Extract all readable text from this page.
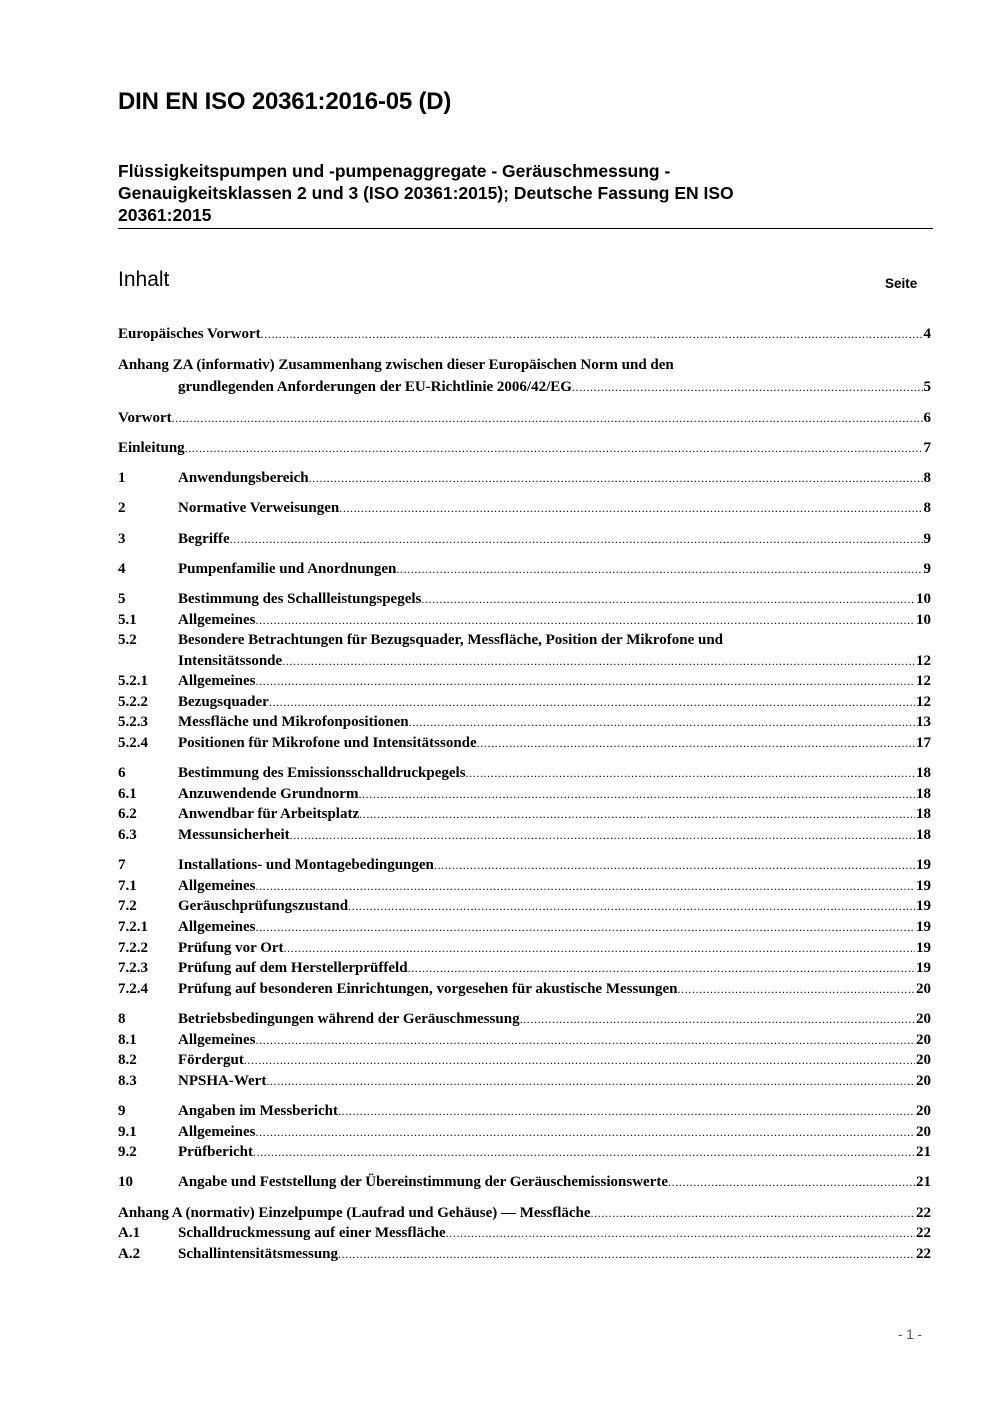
DIN EN ISO 20361:2016-05 (D)
Flüssigkeitspumpen und -pumpenaggregate - Geräuschmessung -
Genauigkeitsklassen 2 und 3 (ISO 20361:2015); Deutsche Fassung EN ISO
20361:2015
Inhalt	Seite
Europäisches Vorwort .....	4
Anhang ZA (informativ) Zusammenhang zwischen dieser Europäischen Norm und den
grundlegenden Anforderungen der EU-Richtlinie 2006/42/EG .....	5
Vorwort .....	6
Einleitung .....	7
1	Anwendungsbereich .....	8
2	Normative Verweisungen .....	8
3	Begriffe .....	9
4	Pumpenfamilie und Anordnungen .....	9
5	Bestimmung des Schallleistungspegels .....	10
5.1	Allgemeines .....	10
5.2	Besondere Betrachtungen für Bezugsquader, Messfläche, Position der Mikrofone und
Intensitätssonde .....	12
5.2.1	Allgemeines .....	12
5.2.2	Bezugsquader .....	12
5.2.3	Messfläche und Mikrofonpositionen .....	13
5.2.4	Positionen für Mikrofone und Intensitätssonde .....	17
6	Bestimmung des Emissionsschalldruckpegels .....	18
6.1	Anzuwendende Grundnorm .....	18
6.2	Anwendbar für Arbeitsplatz .....	18
6.3	Messunsicherheit .....	18
7	Installations- und Montagebedingungen .....	19
7.1	Allgemeines .....	19
7.2	Geräuschprüfungszustand .....	19
7.2.1	Allgemeines .....	19
7.2.2	Prüfung vor Ort .....	19
7.2.3	Prüfung auf dem Herstellerprüffeld .....	19
7.2.4	Prüfung auf besonderen Einrichtungen, vorgesehen für akustische Messungen .....	20
8	Betriebsbedingungen während der Geräuschmessung .....	20
8.1	Allgemeines .....	20
8.2	Fördergut .....	20
8.3	NPSHA-Wert .....	20
9	Angaben im Messbericht .....	20
9.1	Allgemeines .....	20
9.2	Prüfbericht .....	21
10	Angabe und Feststellung der Übereinstimmung der Geräuschemissionswerte .....	21
Anhang A (normativ) Einzelpumpe (Laufrad und Gehäuse) — Messfläche .....	22
A.1	Schalldruckmessung auf einer Messfläche .....	22
A.2	Schallintensitätsmessung .....	22
- 1 -
